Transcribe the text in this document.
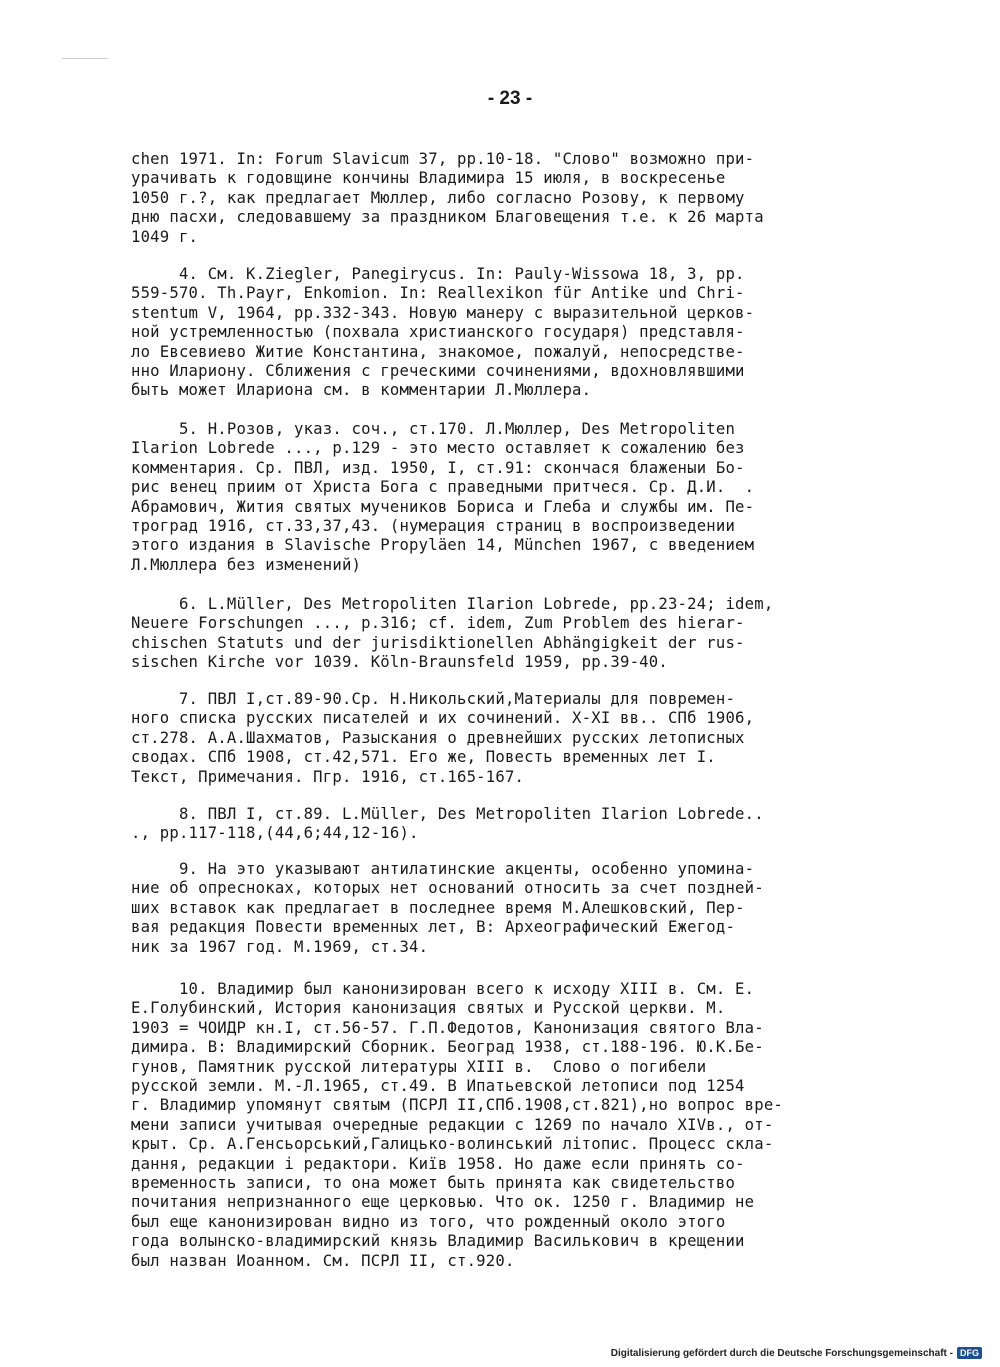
- 23 -
chen 1971. In: Forum Slavicum 37, pp.10-18. "Слово" возможно при-
урачивать к годовщине кончины Владимира 15 июля, в воскресенье
1050 г.?, как предлагает Мюллер, либо согласно Розову, к первому
дню пасхи, следовавшему за праздником Благовещения т.е. к 26 марта
1049 г.
4. См. K.Ziegler, Panegirycus. In: Pauly-Wissowa 18, 3, pp.
559-570. Th.Payr, Enkomion. In: Reallexikon für Antike und Chri-
stentum V, 1964, pp.332-343. Новую манеру с выразительной церков-
ной устремленностью (похвала христианского государя) представля-
ло Евсевиево Житие Константина, знакомое, пожалуй, непосредстве-
нно Илариону. Сближения с греческими сочинениями, вдохновлявшими
быть может Илариона см. в комментарии Л.Мюллера.
5. Н.Розов, указ. соч., ст.170. Л.Мюллер, Des Metropoliten
Ilarion Lobrede ..., p.129 - это место оставляет к сожалению без
комментария. Ср. ПВЛ, изд. 1950, I, ст.91: скончася блаженыи Бо-
рис венец приим от Христа Бога с праведными притчеся. Ср. Д.И.  .
Абрамович, Жития святых мучеников Бориса и Глеба и службы им. Пе-
троград 1916, ст.33,37,43. (нумерация страниц в воспроизведении
этого издания в Slavische Propyläen 14, München 1967, с введением
Л.Мюллера без изменений)
6. L.Müller, Des Metropoliten Ilarion Lobrede, pp.23-24; idem,
Neuere Forschungen ..., p.316; cf. idem, Zum Problem des hierar-
chischen Statuts und der jurisdiktionellen Abhängigkeit der rus-
sischen Kirche vor 1039. Köln-Braunsfeld 1959, pp.39-40.
7. ПВЛ I,ст.89-90.Ср. Н.Никольский,Материалы для повремен-
ного списка русских писателей и их сочинений. X-XI вв.. СПб 1906,
ст.278. А.А.Шахматов, Разыскания о древнейших русских летописных
сводах. СПб 1908, ст.42,571. Его же, Повесть временных лет I.
Текст, Примечания. Пгр. 1916, ст.165-167.
8. ПВЛ I, ст.89. L.Müller, Des Metropoliten Ilarion Lobrede..
., pp.117-118,(44,6;44,12-16).
9. На это указывают антилатинские акценты, особенно упомина-
ние об опресноках, которых нет оснований относить за счет поздней-
ших вставок как предлагает в последнее время М.Алешковский, Пер-
вая редакция Повести временных лет, В: Археографический Ежегод-
ник за 1967 год. М.1969, ст.34.
10. Владимир был канонизирован всего к исходу XIII в. См. Е.
Е.Голубинский, История канонизация святых и Русской церкви. М.
1903 = ЧОИДР кн.I, ст.56-57. Г.П.Федотов, Канонизация святого Вла-
димира. В: Владимирский Сборник. Београд 1938, ст.188-196. Ю.К.Бе-
гунов, Памятник русской литературы XIII в.  Слово о погибели
русской земли. М.-Л.1965, ст.49. В Ипатьевской летописи под 1254
г. Владимир упомянут святым (ПСРЛ II,СПб.1908,ст.821),но вопрос вре-
мени записи учитывая очередные редакции с 1269 по начало XIVв., от-
крыт. Ср. А.Генсьорський,Галицько-волинський літопис. Процесс скла-
дання, редакции і редактори. Київ 1958. Но даже если принять со-
временность записи, то она может быть принята как свидетельство
почитания непризнанного еще церковью. Что ок. 1250 г. Владимир не
был еще канонизирован видно из того, что рожденный около этого
года волынско-владимирский князь Владимир Василькович в крещении
был назван Иоанном. См. ПСРЛ II, ст.920.
Digitalisierung gefördert durch die Deutsche Forschungsgemeinschaft - DFG
